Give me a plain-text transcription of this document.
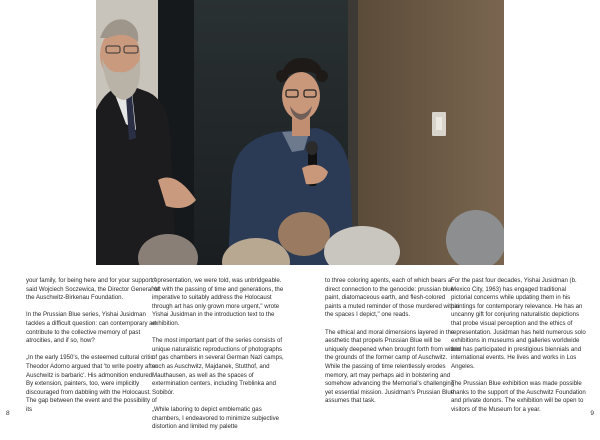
your family, for being here and for your support," said Wojciech Soczewica, the Director General of the Auschwitz-Birkenau Foundation.

In the Prussian Blue series, Yishai Jusidman tackles a difficult question: can contemporary art contribute to the collective memory of past atrocities, and if so, how?

„In the early 1950's, the esteemed cultural critic Theodor Adorno argued that 'to write poetry after Auschwitz is barbaric'. His admonition endured. By extension, painters, too, were implicitly discouraged from dabbling with the Holocaust. The gap between the event and the possibility of its

representation, we were told, was unbridgeable. Yet with the passing of time and generations, the imperative to suitably address the Holocaust through art has only grown more urgent," wrote Yishai Jusidman in the introduction text to the exhibition.

The most important part of the series consists of unique naturalistic reproductions of photographs of gas chambers in several German Nazi camps, such as Auschwitz, Majdanek, Stutthof, and Mauthausen, as well as the spaces of extermination centers, including Treblinka and Sobibór.

„While laboring to depict emblematic gas chambers, I endeavored to minimize subjective distortion and limited my palette

to three coloring agents, each of which bears a direct connection to the genocide: prussian blue paint, diatomaceous earth, and flesh-colored paints a muted reminder of those murdered within the spaces I depict," one reads.

The ethical and moral dimensions layered in the aesthetic that propels Prussian Blue will be uniquely deepened when brought forth from within the grounds of the former camp of Auschwitz. While the passing of time relentlessly erodes memory, art may perhaps aid in bolstering and somehow advancing the Memorial's challenging yet essential mission. Jusidman's Prussian Blue assumes that task.

For the past four decades, Yishai Jusidman (b. Mexico City, 1963) has engaged traditional pictorial concerns while updating them in his paintings for contemporary relevance. He has an uncanny gift for conjuring naturalistic depictions that probe visual perception and the ethics of representation. Jusidman has held numerous solo exhibitions in museums and galleries worldwide and has participated in prestigious biennials and international events. He lives and works in Los Angeles.

The Prussian Blue exhibition was made possible thanks to the support of the Auschwitz Foundation and private donors. The exhibition will be open to visitors of the Museum for a year.

8	9
